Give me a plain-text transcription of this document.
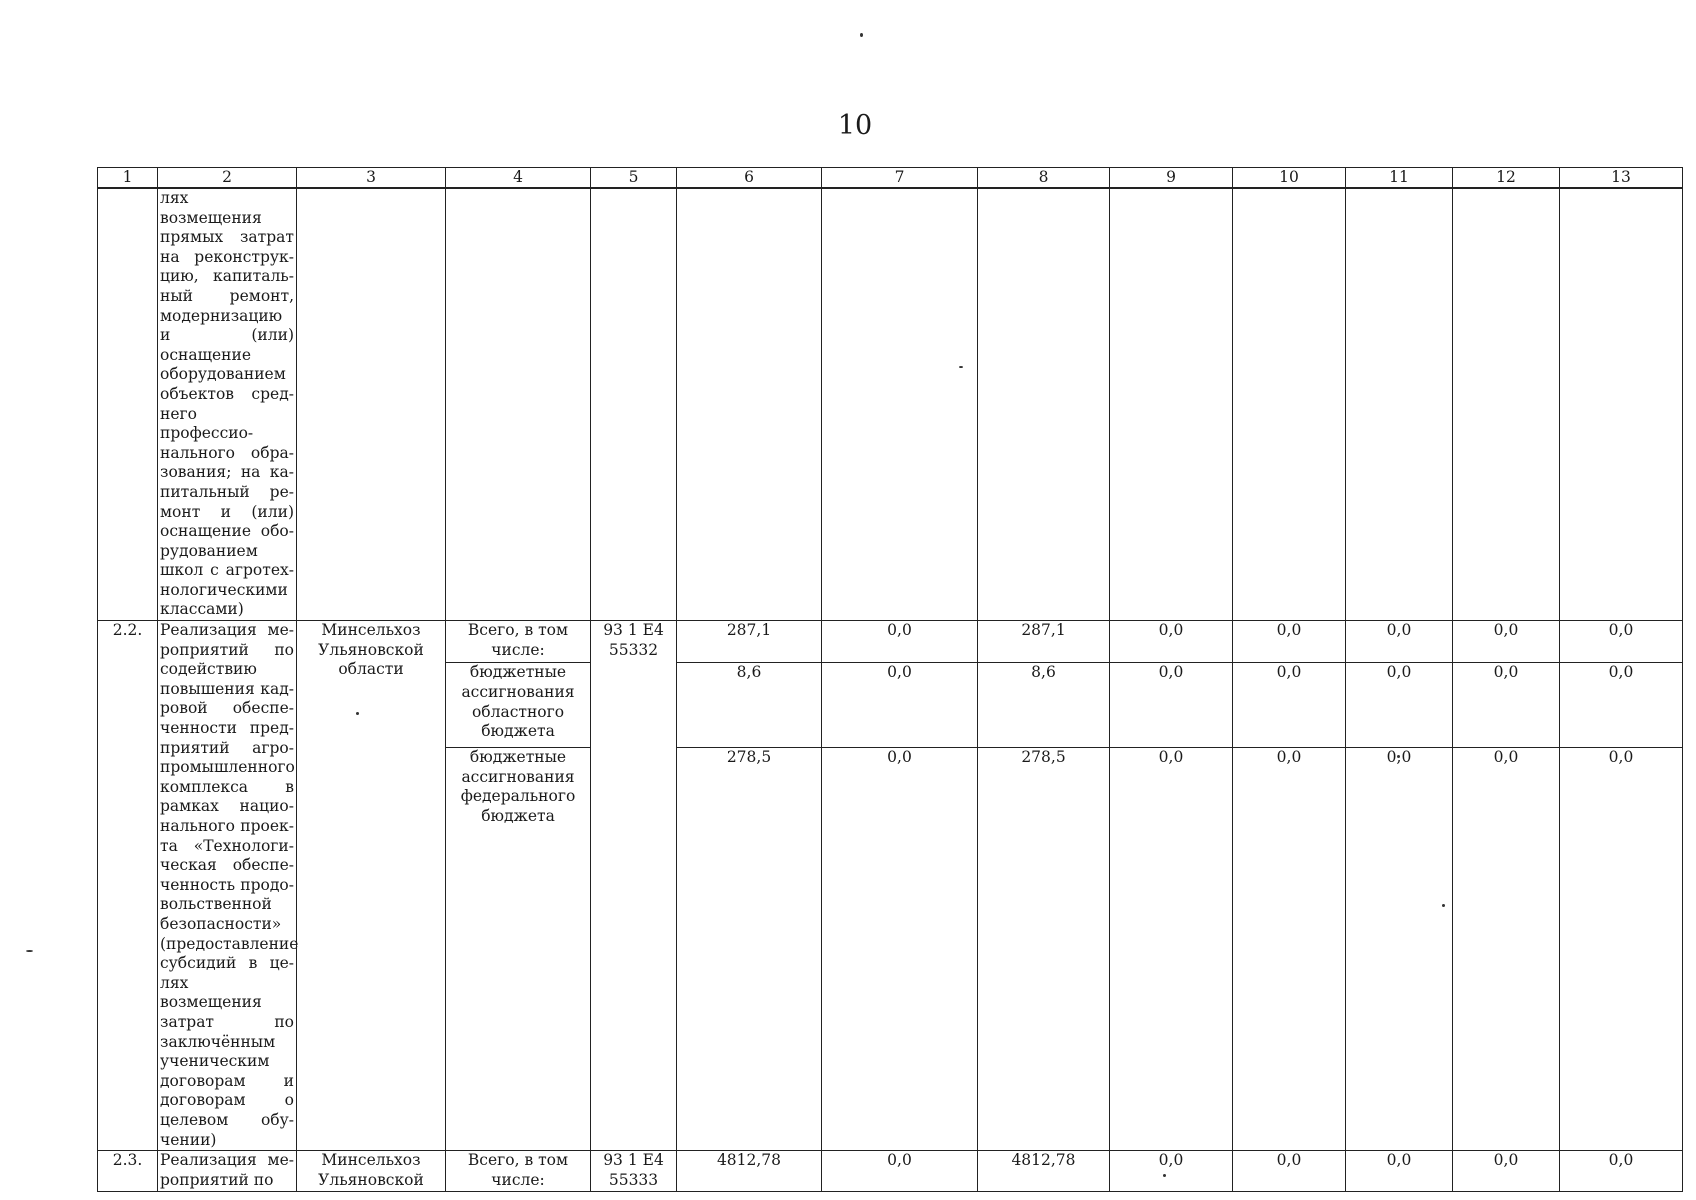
10
1	2	3	4	5	6	7	8	9	10	11	12	13
	лях возмещения прямых затрат на реконструкцию, капитальный ремонт, модернизацию и (или) оснащение оборудованием объектов среднего профессионального образования; на капитальный ремонт и (или) оснащение оборудованием школ с агротехнологическими классами)											
2.2.	Реализация мероприятий по содействию повышения кадровой обеспеченности предприятий агропромышленного комплекса в рамках национального проекта «Технологическая обеспеченность продовольственной безопасности» (предоставление субсидий в целях возмещения затрат по заключённым ученическим договорам и договорам о целевом обучении)	Минсельхоз Ульяновской области	Всего, в том числе:	93 1 Е4 55332	287,1	0,0	287,1	0,0	0,0	0,0	0,0	0,0
			бюджетные ассигнования областного бюджета		8,6	0,0	8,6	0,0	0,0	0,0	0,0	0,0
			бюджетные ассигнования федерального бюджета		278,5	0,0	278,5	0,0	0,0	0,0	0,0	0,0
2.3.	Реализация мероприятий по	Минсельхоз Ульяновской	Всего, в том числе:	93 1 Е4 55333	4812,78	0,0	4812,78	0,0	0,0	0,0	0,0	0,0
